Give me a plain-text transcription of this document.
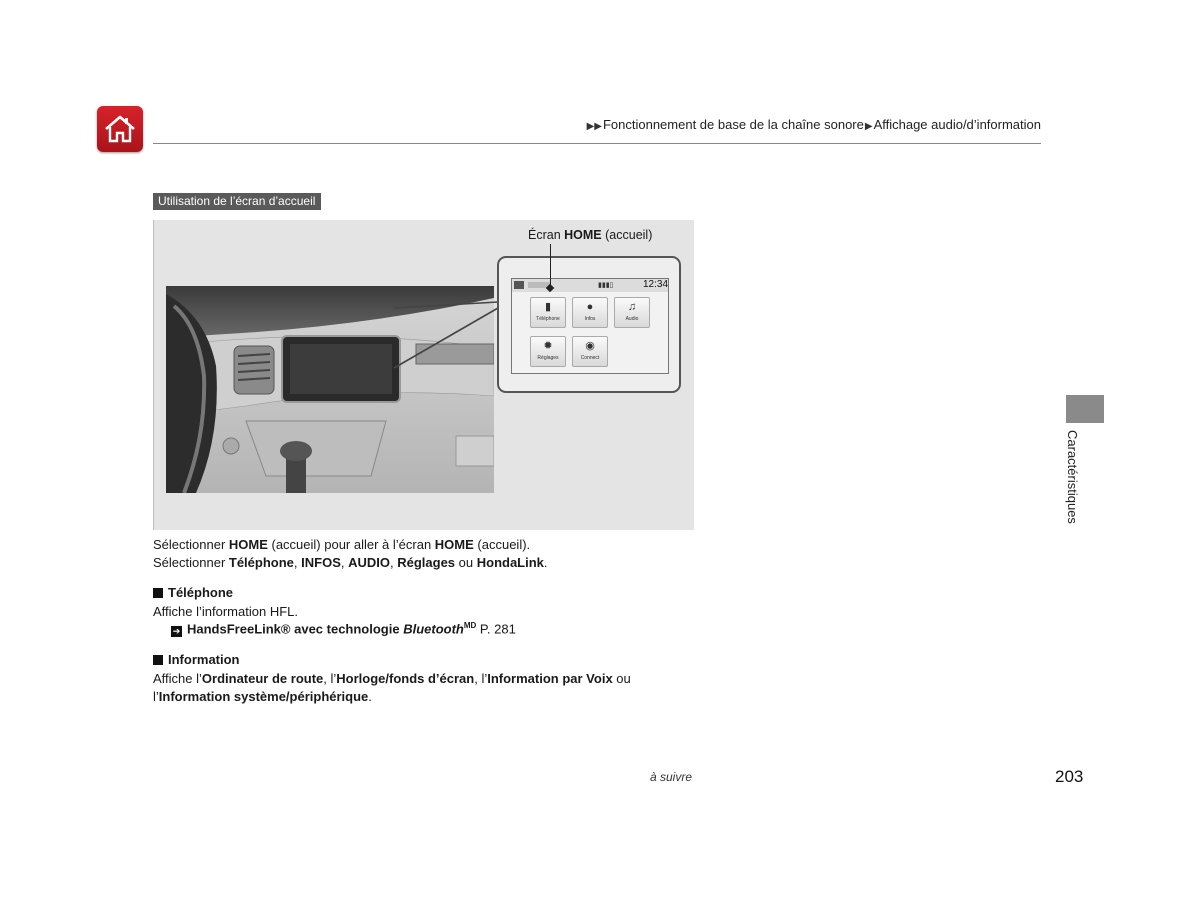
▶▶Fonctionnement de base de la chaîne sonore▶Affichage audio/d’information
Utilisation de l’écran d’accueil
Écran HOME (accueil)
▮▮▮▯	12:34
▮
Téléphone
●
Infos
♫
Audio
✹
Réglages
◉
Connect
Sélectionner HOME (accueil) pour aller à l’écran HOME (accueil).
Sélectionner Téléphone, INFOS, AUDIO, Réglages ou HondaLink.
Téléphone
Affiche l’information HFL.
➔ HandsFreeLink® avec technologie Bluetooth$^{MD}$ P. 281
Information
Affiche l’Ordinateur de route, l’Horloge/fonds d’écran, l’Information par Voix ou
l’Information système/périphérique.
Caractéristiques
à suivre	203
